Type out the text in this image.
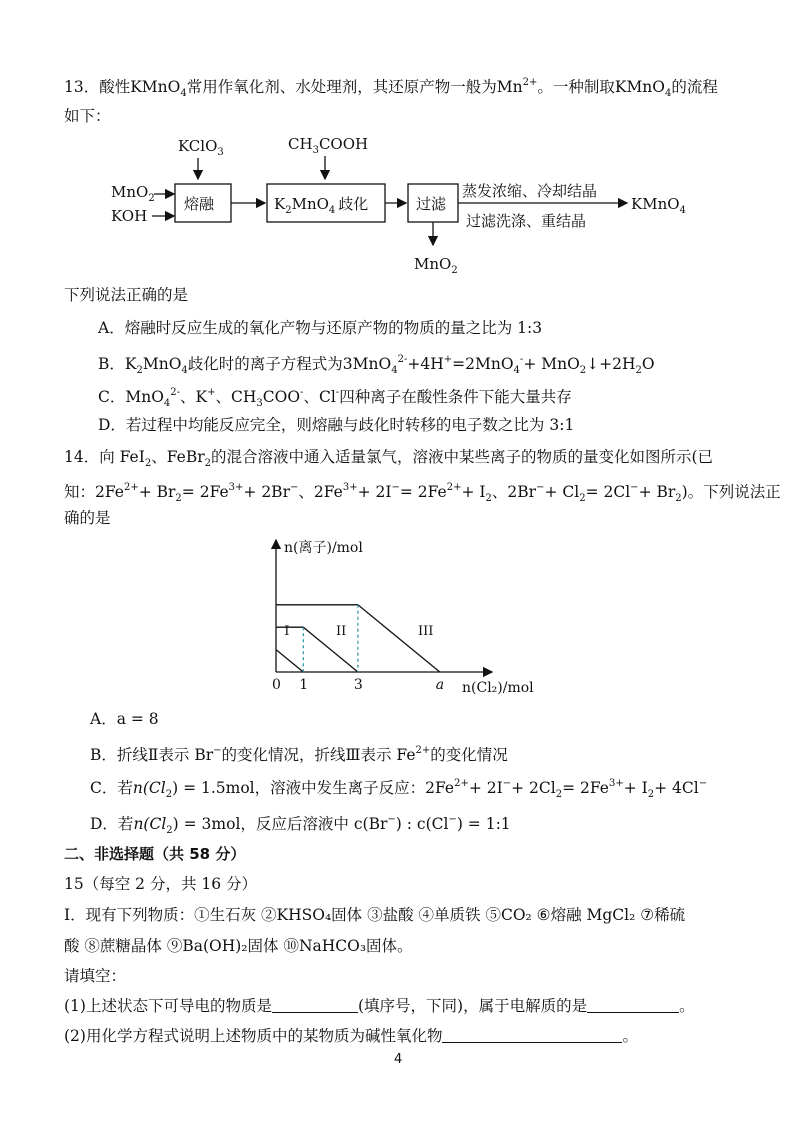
13．酸性KMnO$_4$常用作氧化剂、水处理剂，其还原产物一般为$Mn^{2+}$。一种制取KMnO$_4$的流程
如下：
KClO$_3$	$CH_3COOH$
MnO$_2$
KOH
熔融	$K_2MnO_4$ 歧化	过滤
MnO$_2$
蒸发浓缩、冷却结晶
过滤洗涤、重结晶
KMnO$_4$
下列说法正确的是
A．熔融时反应生成的氧化产物与还原产物的物质的量之比为 1:3
B．$K_2MnO_4$歧化时的离子方程式为$3MnO_4^{2-}+4H^+=2MnO_4^-+ MnO_2↓+2H_2O$
C．MnO$_4^{2-}$、K+、$CH_3COO^-$、Cl-四种离子在酸性条件下能大量共存
D．若过程中均能反应完全，则熔融与歧化时转移的电子数之比为 3:1
14．向 FeI$_2$、FeBr$_2$的混合溶液中通入适量氯气，溶液中某些离子的物质的量变化如图所示(已
知：$2Fe^{2+}+ Br_2= 2Fe^{3+}+ 2Br^-$、$2Fe^{3+}+ 2I^-= 2Fe^{2+}+ I_2$、$2Br^-+ Cl_2= 2Cl^-+ Br_2$)。下列说法正
确的是
n(离子)/mol
n(Cl₂)/mol
I	II	III
0 1	3	a
A．a = 8
B．折线Ⅱ表示 Br−的变化情况，折线Ⅲ表示 $Fe^{2+}$的变化情况
C．若$n(Cl_2) = 1.5mol$，溶液中发生离子反应：$2Fe^{2+}+ 2I^-+ 2Cl_2= 2Fe^{3+}+ I_2+ 4Cl^-$
D．若$n(Cl_2) = 3mol$，反应后溶液中 c(Br−) : c(Cl−) = 1:1
二、非选择题（共 58 分）
15（每空 2 分，共 16 分）
Ⅰ．现有下列物质：①生石灰 ②KHSO₄固体 ③盐酸 ④单质铁 ⑤CO₂ ⑥熔融 MgCl₂ ⑦稀硫
酸 ⑧蔗糖晶体 ⑨Ba(OH)₂固体 ⑩NaHCO₃固体。
请填空：
(1)上述状态下可导电的物质是	(填序号，下同)，属于电解质的是	。
(2)用化学方程式说明上述物质中的某物质为碱性氧化物	。
4
